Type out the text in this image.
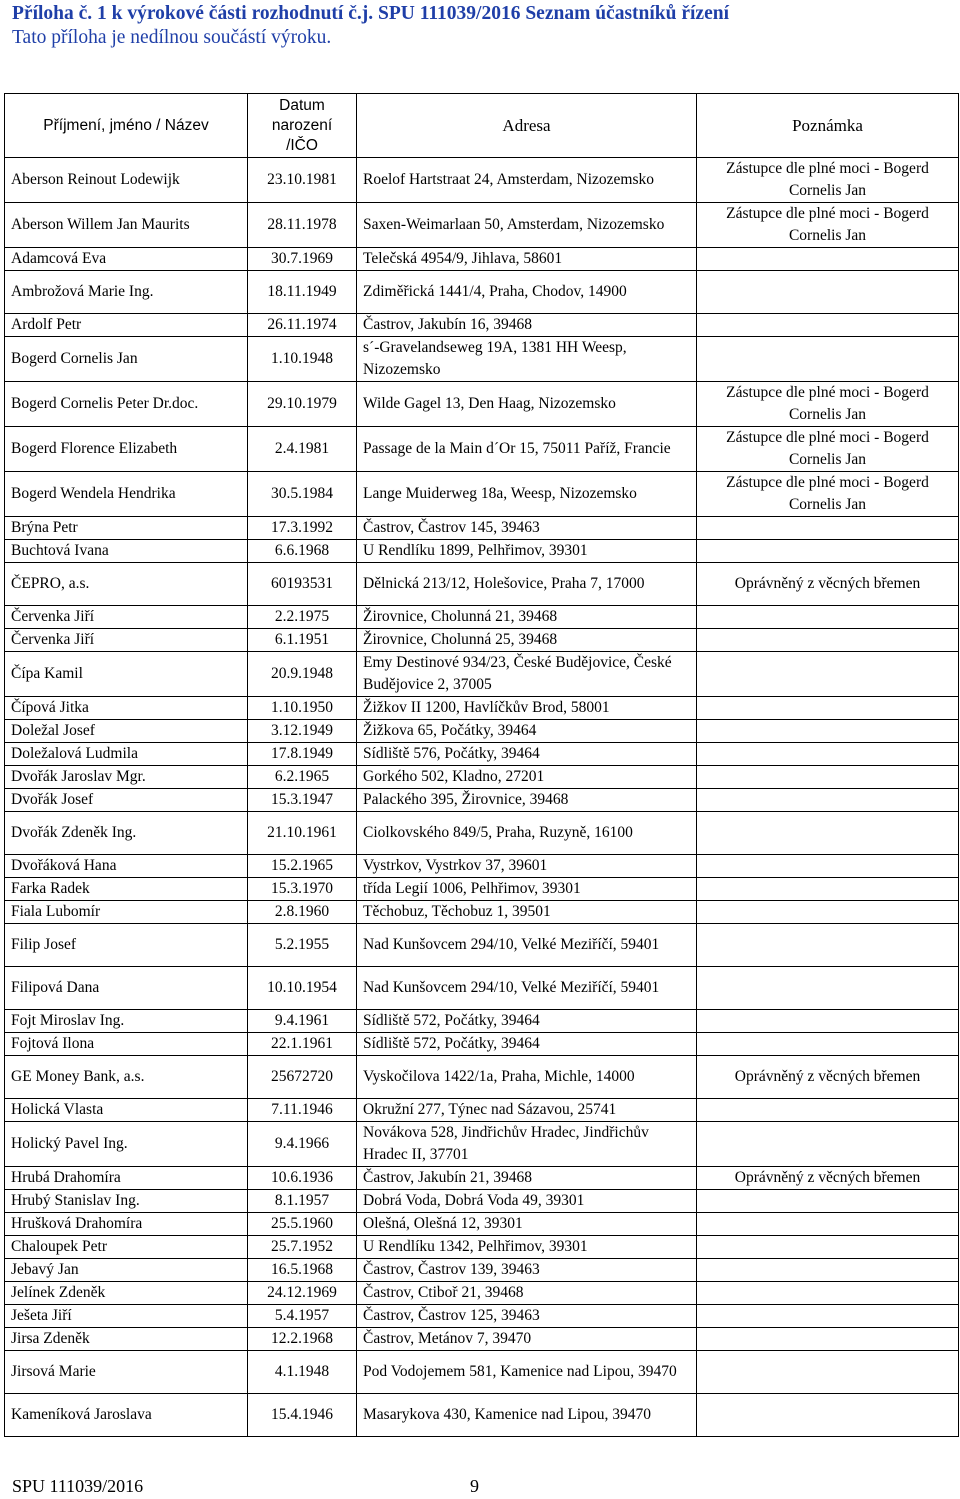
Příloha č. 1 k výrokové části rozhodnutí č.j. SPU 111039/2016 Seznam účastníků řízení
Tato příloha je nedílnou součástí výroku.
Příjmení, jméno / Název	Datum narození /IČO	Adresa	Poznámka
Aberson Reinout Lodewijk	23.10.1981	Roelof Hartstraat 24, Amsterdam, Nizozemsko	Zástupce dle plné moci - Bogerd Cornelis Jan
Aberson Willem Jan Maurits	28.11.1978	Saxen-Weimarlaan 50, Amsterdam, Nizozemsko	Zástupce dle plné moci - Bogerd Cornelis Jan
Adamcová Eva	30.7.1969	Telečská 4954/9, Jihlava, 58601	
Ambrožová Marie Ing.	18.11.1949	Zdiměřická 1441/4, Praha, Chodov, 14900	
Ardolf Petr	26.11.1974	Častrov, Jakubín 16, 39468	
Bogerd Cornelis Jan	1.10.1948	s´-Gravelandseweg 19A, 1381 HH Weesp, Nizozemsko	
Bogerd Cornelis Peter Dr.doc.	29.10.1979	Wilde Gagel 13, Den Haag, Nizozemsko	Zástupce dle plné moci - Bogerd Cornelis Jan
Bogerd Florence Elizabeth	2.4.1981	Passage de la Main d´Or 15, 75011 Paříž, Francie	Zástupce dle plné moci - Bogerd Cornelis Jan
Bogerd Wendela Hendrika	30.5.1984	Lange Muiderweg 18a, Weesp, Nizozemsko	Zástupce dle plné moci - Bogerd Cornelis Jan
Brýna Petr	17.3.1992	Častrov, Častrov 145, 39463	
Buchtová Ivana	6.6.1968	U Rendlíku 1899, Pelhřimov, 39301	
ČEPRO, a.s.	60193531	Dělnická 213/12, Holešovice, Praha 7, 17000	Oprávněný z věcných břemen
Červenka Jiří	2.2.1975	Žirovnice, Cholunná 21, 39468	
Červenka Jiří	6.1.1951	Žirovnice, Cholunná 25, 39468	
Čípa Kamil	20.9.1948	Emy Destinové 934/23, České Budějovice, České Budějovice 2, 37005	
Čípová Jitka	1.10.1950	Žižkov II 1200, Havlíčkův Brod, 58001	
Doležal Josef	3.12.1949	Žižkova 65, Počátky, 39464	
Doležalová Ludmila	17.8.1949	Sídliště 576, Počátky, 39464	
Dvořák Jaroslav Mgr.	6.2.1965	Gorkého 502, Kladno, 27201	
Dvořák Josef	15.3.1947	Palackého 395, Žirovnice, 39468	
Dvořák Zdeněk Ing.	21.10.1961	Ciolkovského 849/5, Praha, Ruzyně, 16100	
Dvořáková Hana	15.2.1965	Vystrkov, Vystrkov 37, 39601	
Farka Radek	15.3.1970	třída Legií 1006, Pelhřimov, 39301	
Fiala Lubomír	2.8.1960	Těchobuz, Těchobuz 1, 39501	
Filip Josef	5.2.1955	Nad Kunšovcem 294/10, Velké Meziříčí, 59401	
Filipová Dana	10.10.1954	Nad Kunšovcem 294/10, Velké Meziříčí, 59401	
Fojt Miroslav Ing.	9.4.1961	Sídliště 572, Počátky, 39464	
Fojtová Ilona	22.1.1961	Sídliště 572, Počátky, 39464	
GE Money Bank, a.s.	25672720	Vyskočilova 1422/1a, Praha, Michle, 14000	Oprávněný z věcných břemen
Holická Vlasta	7.11.1946	Okružní 277, Týnec nad Sázavou, 25741	
Holický Pavel Ing.	9.4.1966	Novákova 528, Jindřichův Hradec, Jindřichův Hradec II, 37701	
Hrubá Drahomíra	10.6.1936	Častrov, Jakubín 21, 39468	Oprávněný z věcných břemen
Hrubý Stanislav Ing.	8.1.1957	Dobrá Voda, Dobrá Voda 49, 39301	
Hrušková Drahomíra	25.5.1960	Olešná, Olešná 12, 39301	
Chaloupek Petr	25.7.1952	U Rendlíku 1342, Pelhřimov, 39301	
Jebavý Jan	16.5.1968	Častrov, Častrov 139, 39463	
Jelínek Zdeněk	24.12.1969	Častrov, Ctiboř 21, 39468	
Ješeta Jiří	5.4.1957	Častrov, Častrov 125, 39463	
Jirsa Zdeněk	12.2.1968	Častrov, Metánov 7, 39470	
Jirsová Marie	4.1.1948	Pod Vodojemem 581, Kamenice nad Lipou, 39470	
Kameníková Jaroslava	15.4.1946	Masarykova 430, Kamenice nad Lipou, 39470	
SPU 111039/2016	9
